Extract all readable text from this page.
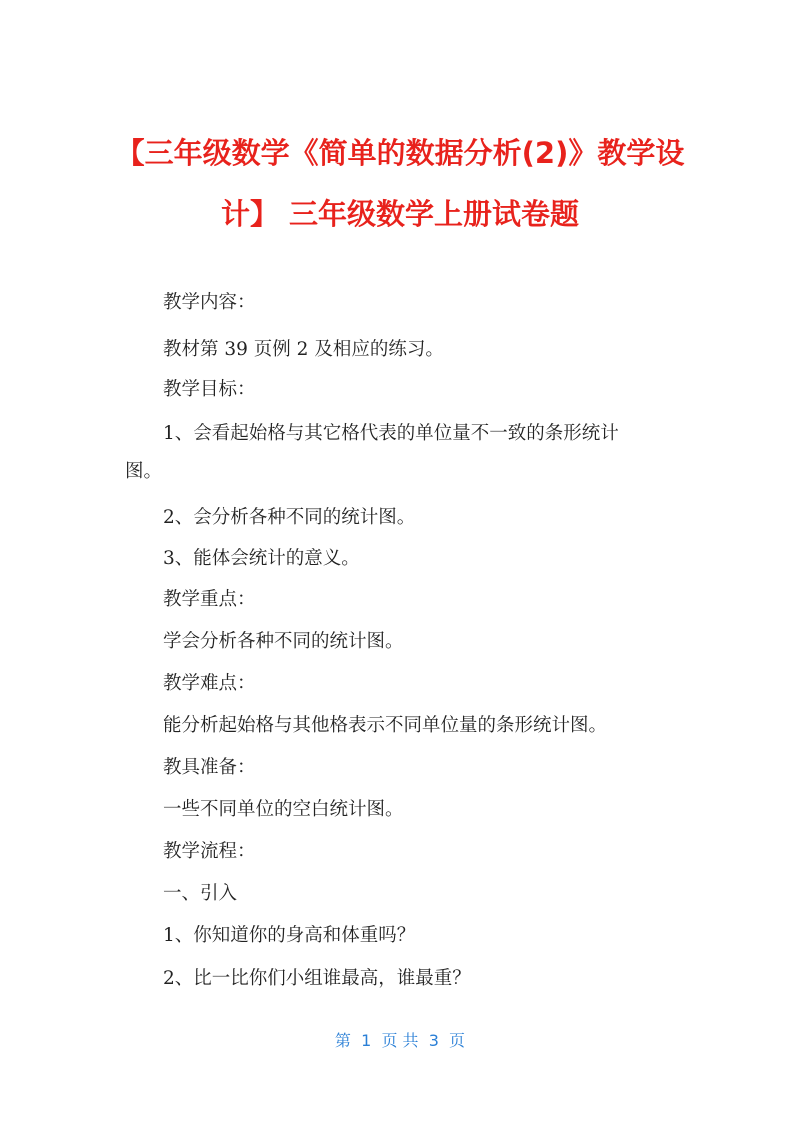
【三年级数学《简单的数据分析(2)》教学设
计】 三年级数学上册试卷题
教学内容：
教材第 39 页例 2 及相应的练习。
教学目标：
1、会看起始格与其它格代表的单位量不一致的条形统计
图。
2、会分析各种不同的统计图。
3、能体会统计的意义。
教学重点：
学会分析各种不同的统计图。
教学难点：
能分析起始格与其他格表示不同单位量的条形统计图。
教具准备：
一些不同单位的空白统计图。
教学流程：
一、引入
1、你知道你的身高和体重吗？
2、比一比你们小组谁最高，谁最重？
第  1  页 共  3  页
